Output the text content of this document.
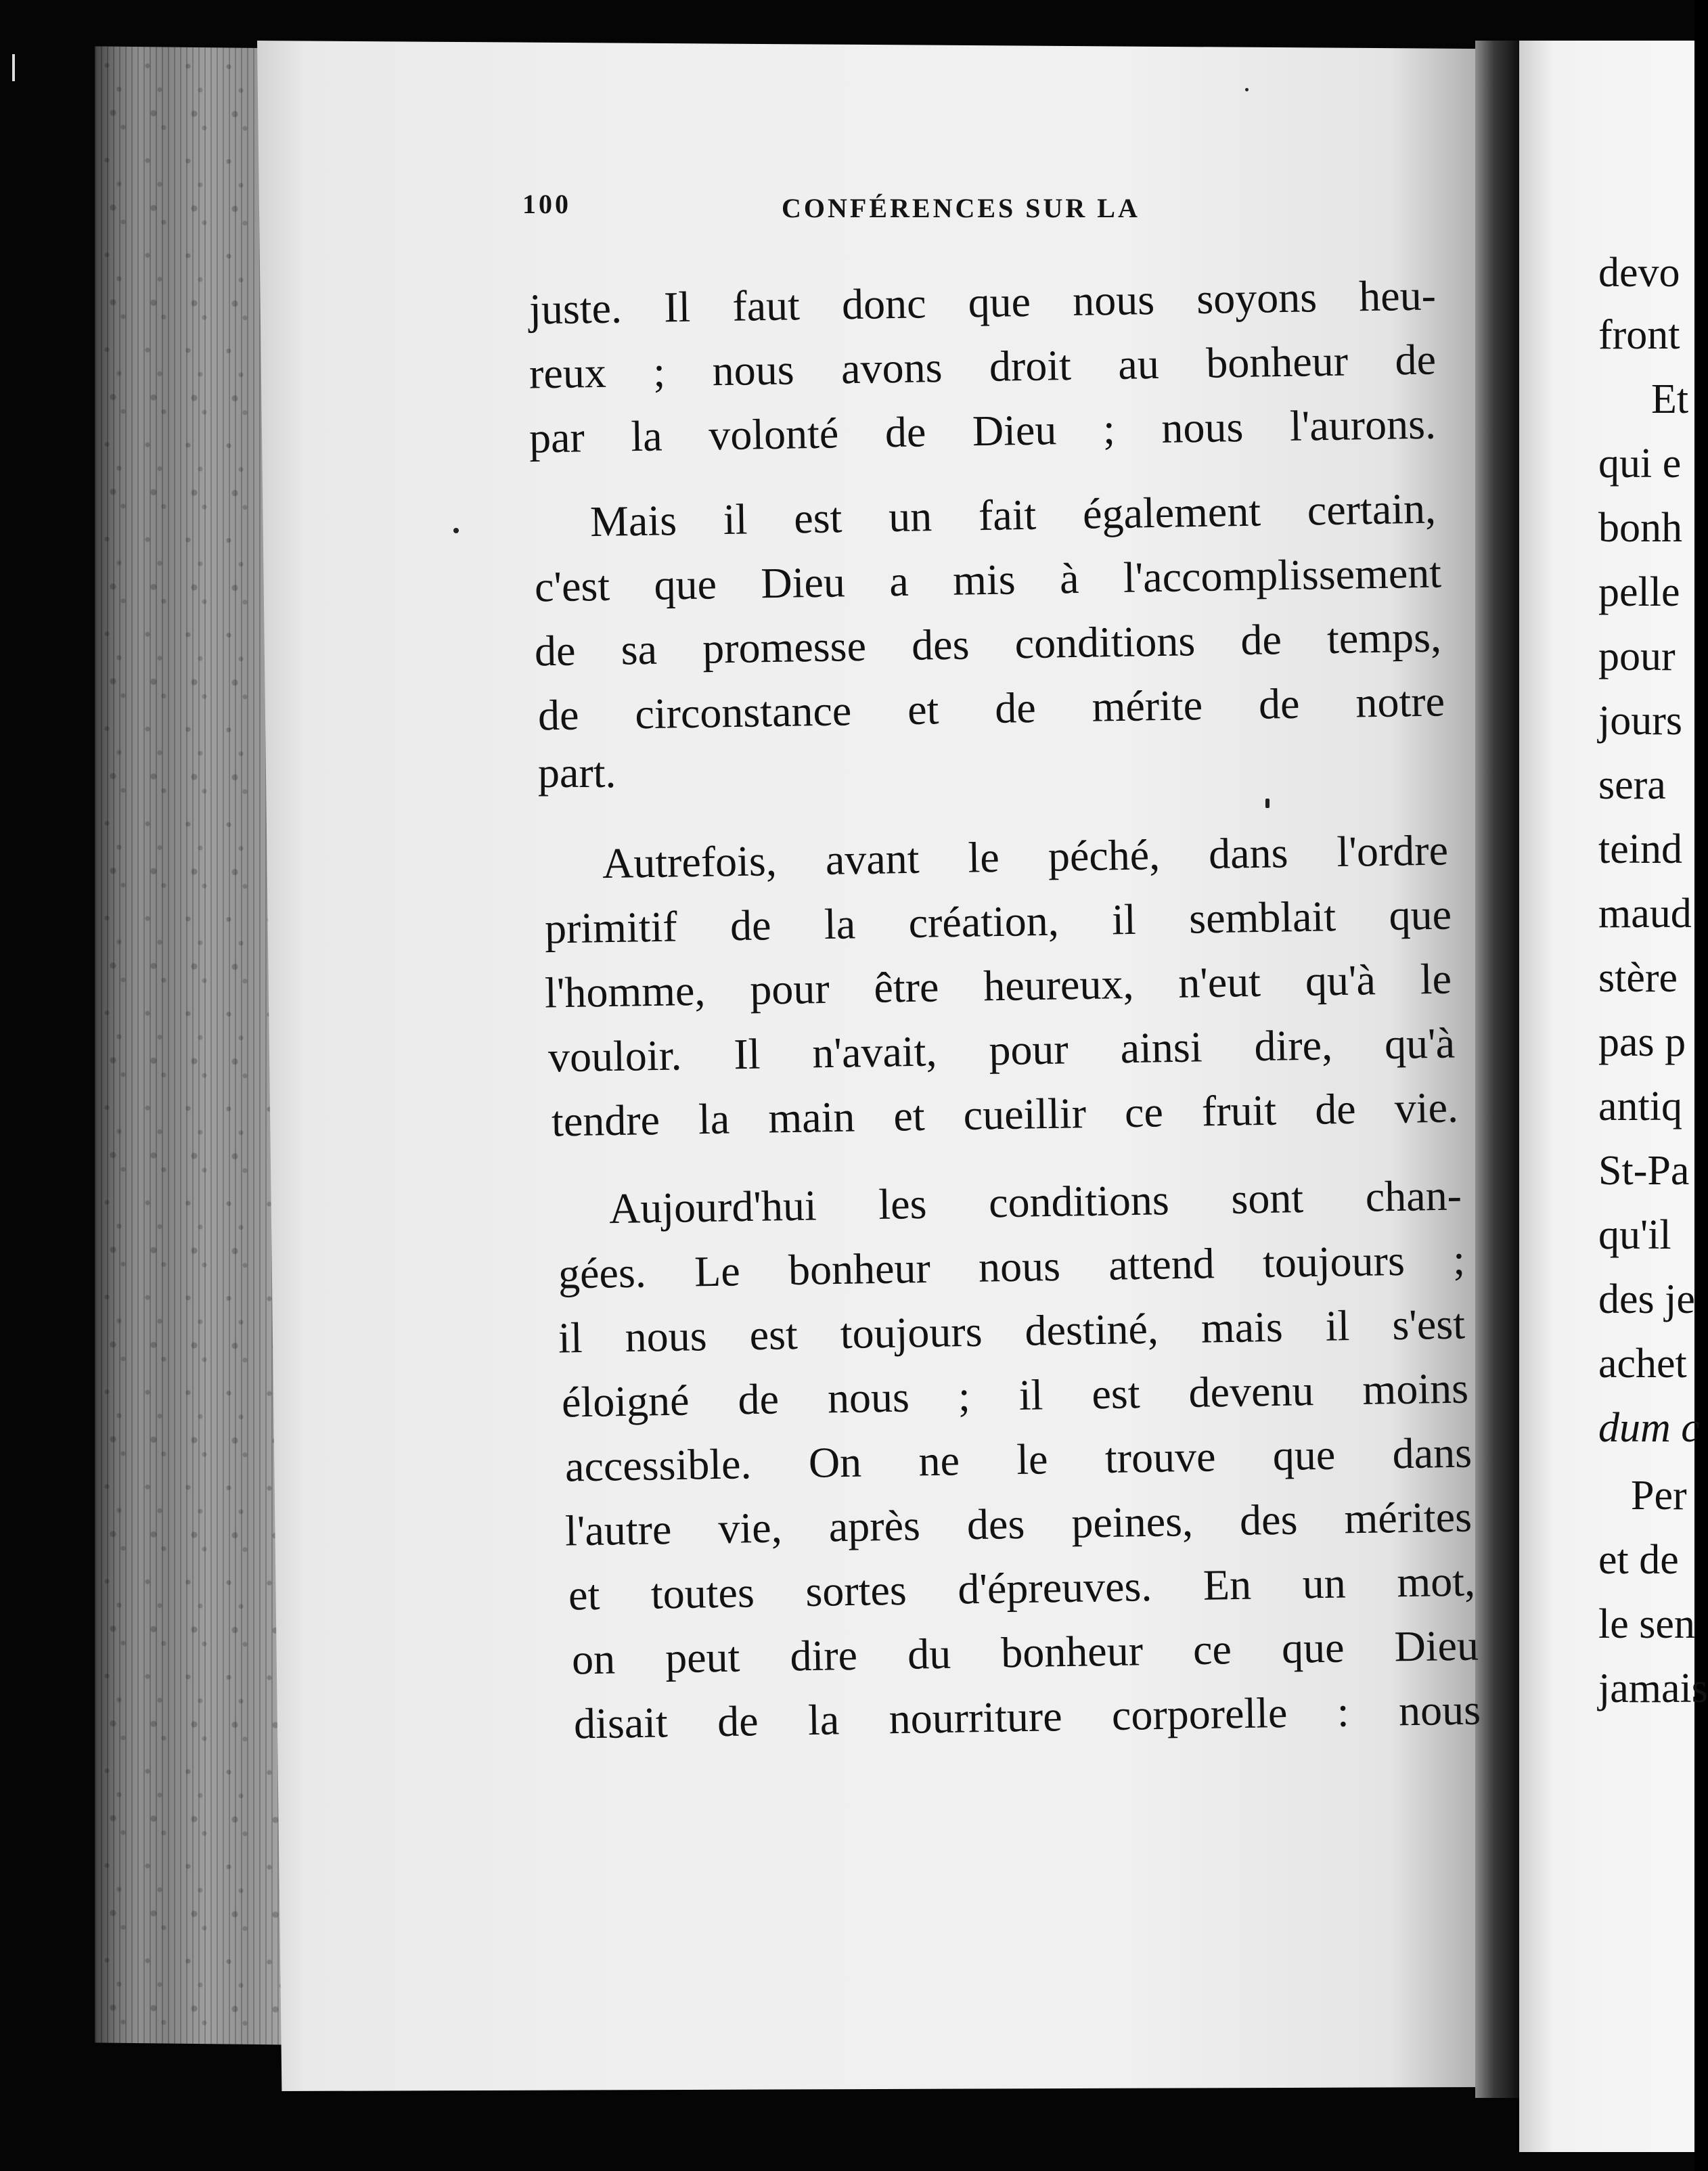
100	CONFÉRENCES SUR LA
juste. Il faut donc que nous soyons heu-
reux ; nous avons droit au bonheur de
par la volonté de Dieu ; nous l'aurons.
Mais il est un fait également certain,
c'est que Dieu a mis à l'accomplissement
de sa promesse des conditions de temps,
de circonstance et de mérite de notre
part.
Autrefois, avant le péché, dans l'ordre
primitif de la création, il semblait que
l'homme, pour être heureux, n'eut qu'à le
vouloir. Il n'avait, pour ainsi dire, qu'à
tendre la main et cueillir ce fruit de vie.
Aujourd'hui les conditions sont chan-
gées. Le bonheur nous attend toujours ;
il nous est toujours destiné, mais il s'est
éloigné de nous ; il est devenu moins
accessible. On ne le trouve que dans
l'autre vie, après des peines, des mérites
et toutes sortes d'épreuves. En un mot,
on peut dire du bonheur ce que Dieu
disait de la nourriture corporelle : nous
devo
front
Et
qui e
bonh
pelle
pour
jours
sera
teind
maud
stère
pas p
antiq
St-Pa
qu'il
des je
achet
dum c
Per
et de
le sen
jamais
